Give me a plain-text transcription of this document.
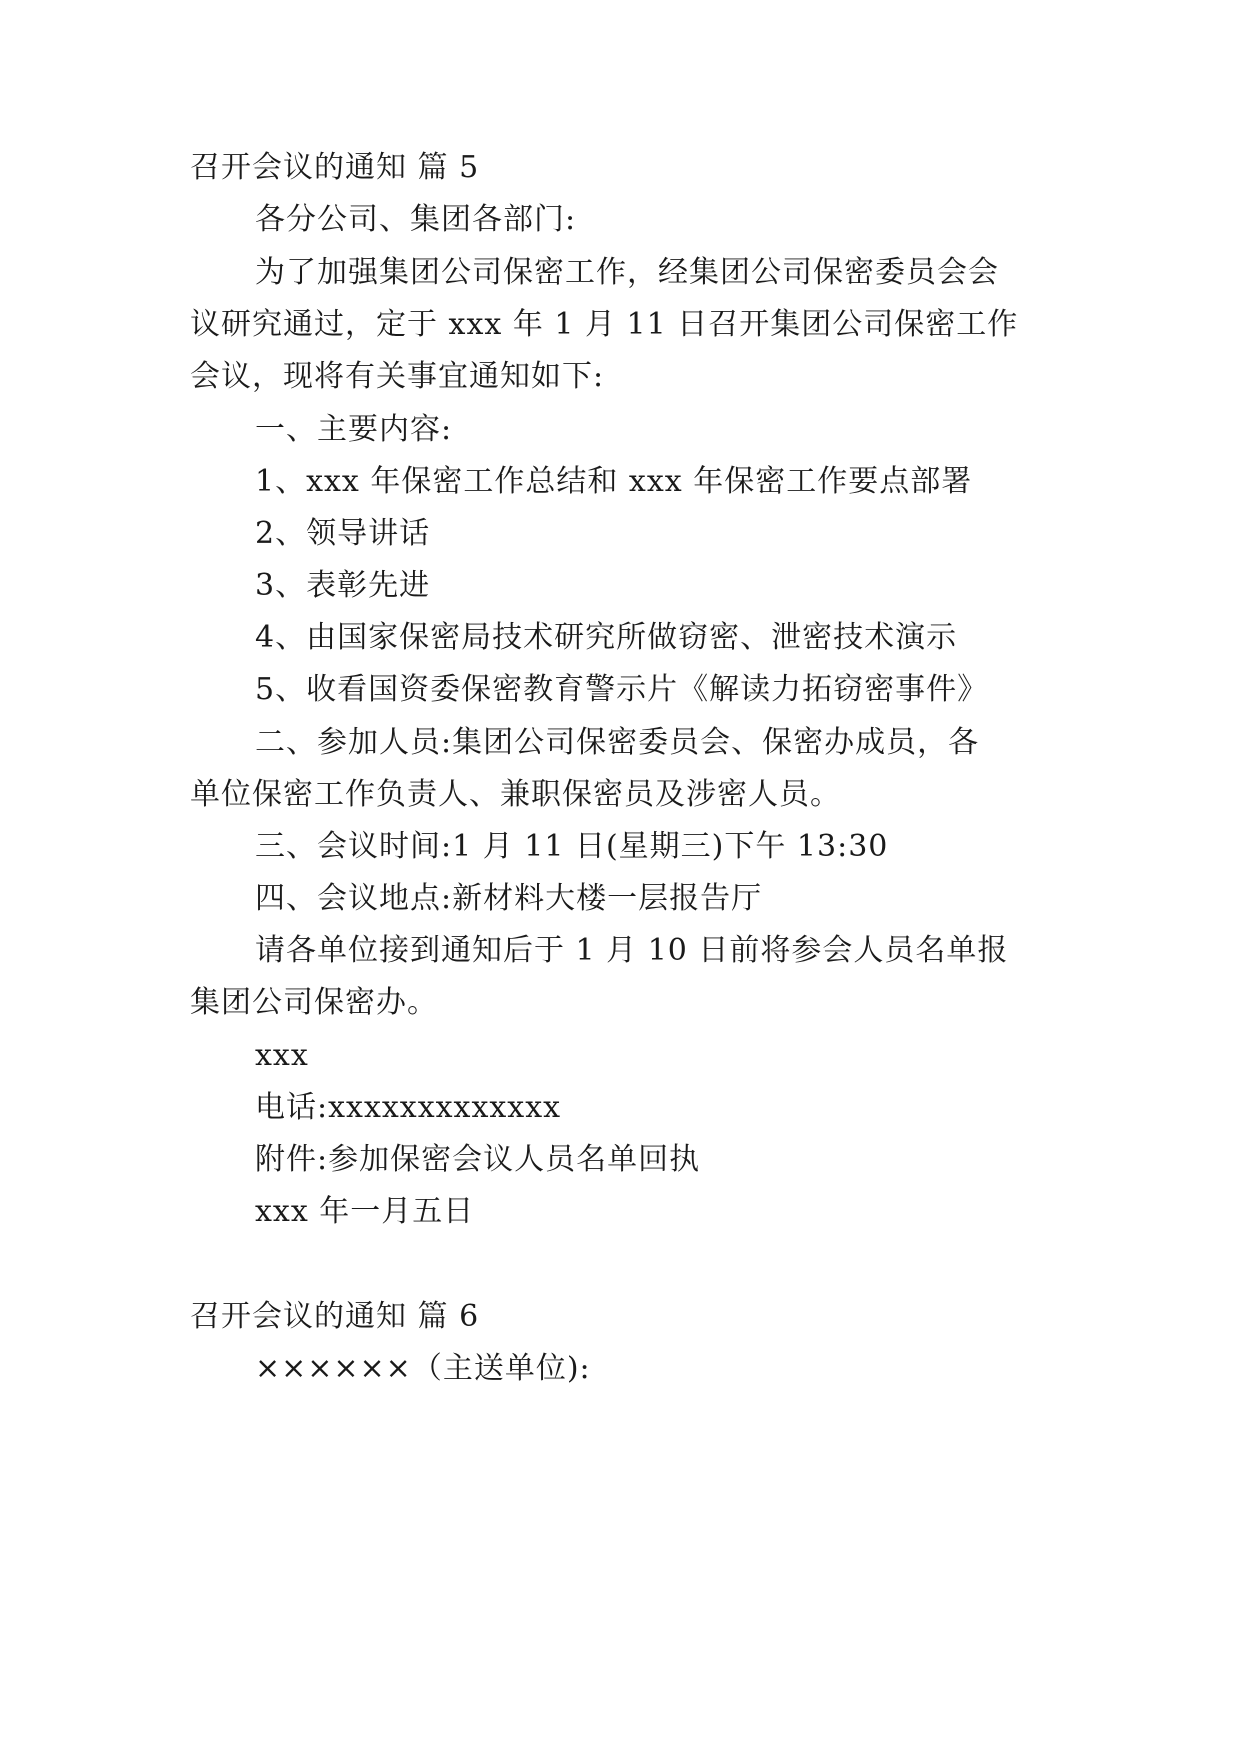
召开会议的通知 篇 5
各分公司、集团各部门:
为了加强集团公司保密工作，经集团公司保密委员会会
议研究通过，定于 xxx 年 1 月 11 日召开集团公司保密工作
会议，现将有关事宜通知如下:
一、主要内容:
1、xxx 年保密工作总结和 xxx 年保密工作要点部署
2、领导讲话
3、表彰先进
4、由国家保密局技术研究所做窃密、泄密技术演示
5、收看国资委保密教育警示片《解读力拓窃密事件》
二、参加人员:集团公司保密委员会、保密办成员，各
单位保密工作负责人、兼职保密员及涉密人员。
三、会议时间:1 月 11 日(星期三)下午 13:30
四、会议地点:新材料大楼一层报告厅
请各单位接到通知后于 1 月 10 日前将参会人员名单报
集团公司保密办。
xxx
电话:xxxxxxxxxxxxx
附件:参加保密会议人员名单回执
xxx 年一月五日
召开会议的通知 篇 6
××××××（主送单位):
